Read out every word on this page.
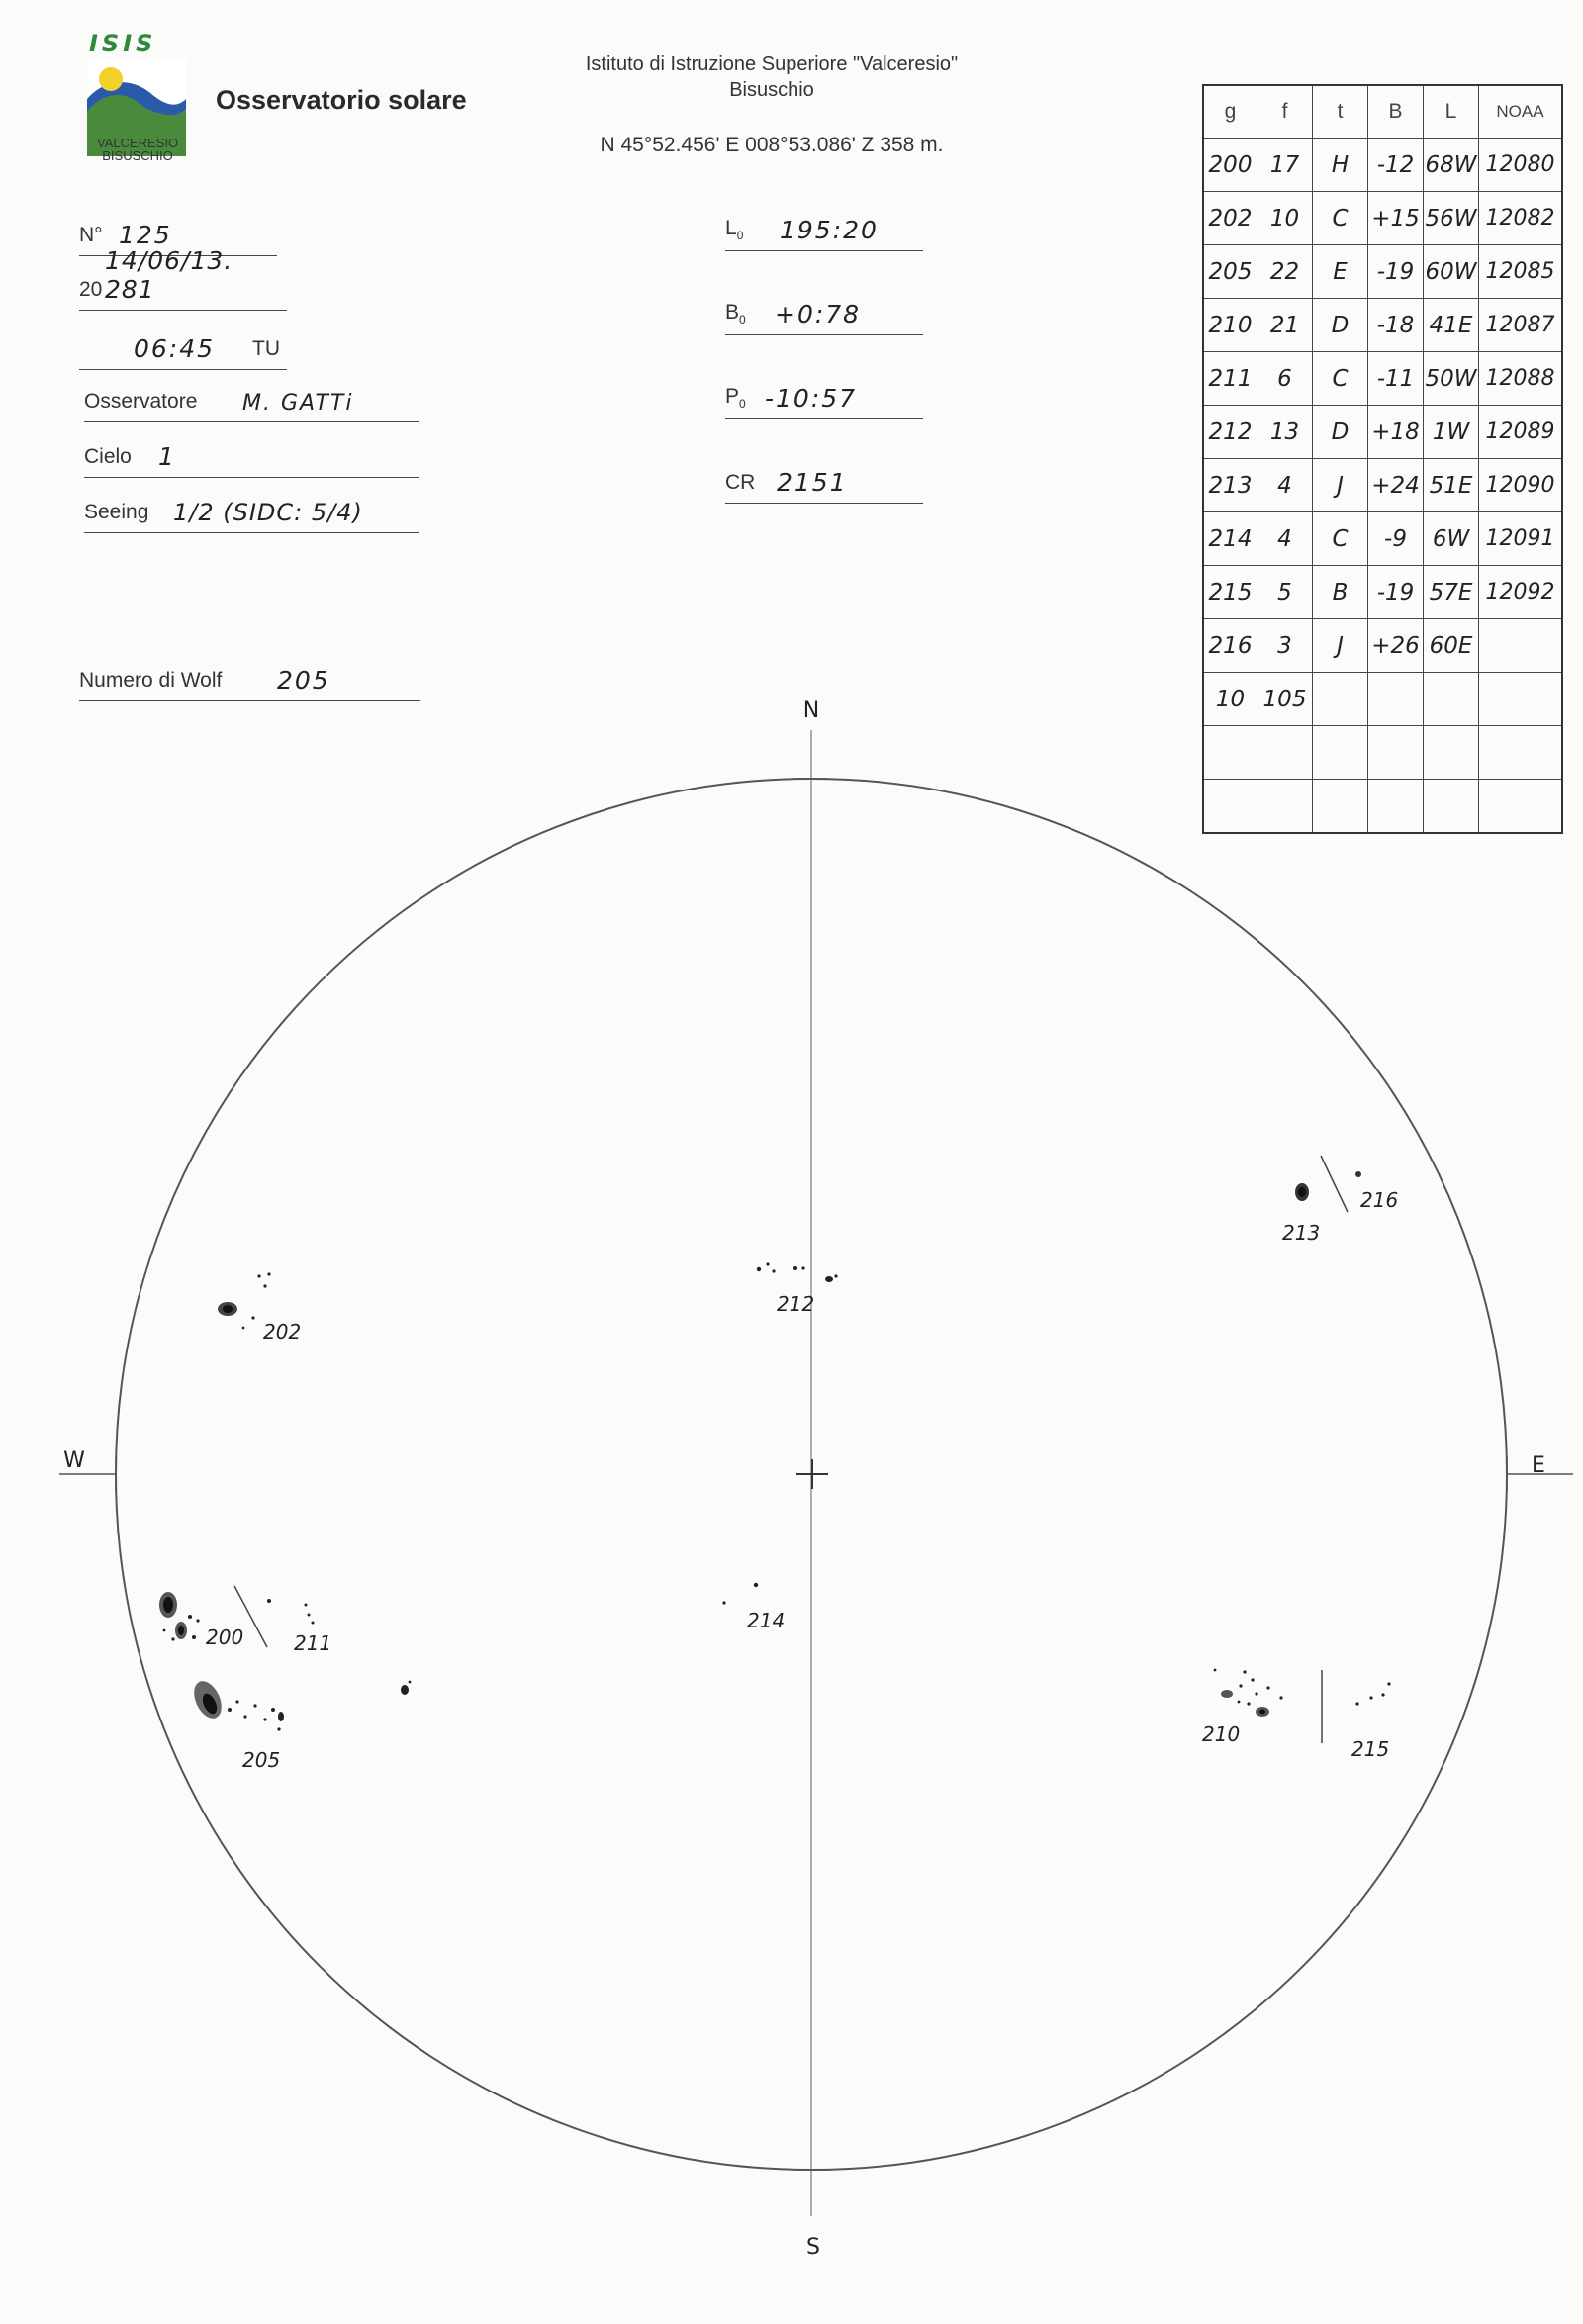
ISIS
VALCERESIO
BISUSCHIO
Osservatorio solare
Istituto di Istruzione Superiore "Valceresio"
Bisuschio
N 45°52.456' E 008°53.086' Z 358 m.
N° 125
20
14/06/13. 281
06:45 TU
Osservatore M. GATTi
Cielo 1
Seeing 1/2 (SIDC: 5/4)
Numero di Wolf 205
$L_0$ 195:20
$B_0$ +0:78
$P_0$ -10:57
CR 2151
g	f	t	B	L	NOAA
200	17	H	-12	68W	12080
202	10	C	+15	56W	12082
205	22	E	-19	60W	12085
210	21	D	-18	41E	12087
211	6	C	-11	50W	12088
212	13	D	+18	1W	12089
213	4	J	+24	51E	12090
214	4	C	-9	6W	12091
215	5	B	-19	57E	12092
216	3	J	+26	60E	
10	105				

N
S
W	E
216
213
202
212
200	211
205
214
210
215
